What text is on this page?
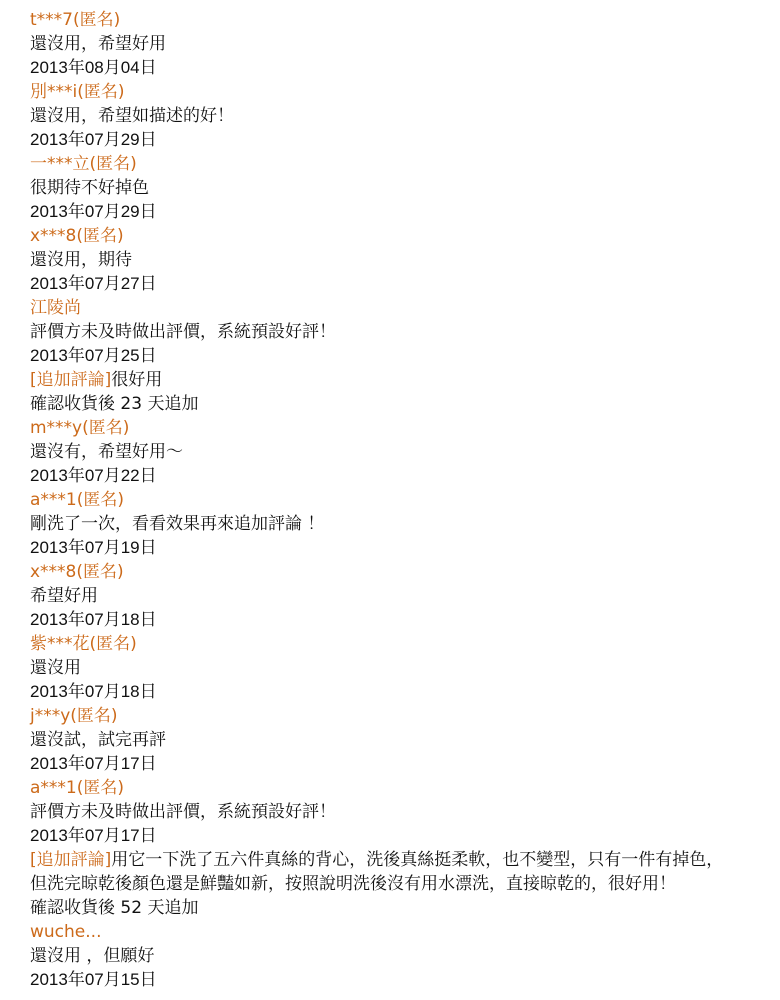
t***7(匿名)
還沒用，希望好用
2013年08月04日
別***i(匿名)
還沒用，希望如描述的好！
2013年07月29日
一***立(匿名)
很期待不好掉色
2013年07月29日
x***8(匿名)
還沒用，期待
2013年07月27日
江陵尚
評價方未及時做出評價，系統預設好評！
2013年07月25日
[追加評論]很好用
確認收貨後 23 天追加
m***y(匿名)
還沒有，希望好用～
2013年07月22日
a***1(匿名)
剛洗了一次，看看效果再來追加評論 ！
2013年07月19日
x***8(匿名)
希望好用
2013年07月18日
紫***花(匿名)
還沒用
2013年07月18日
j***y(匿名)
還沒試，試完再評
2013年07月17日
a***1(匿名)
評價方未及時做出評價，系統預設好評！
2013年07月17日
[追加評論]用它一下洗了五六件真絲的背心，洗後真絲挺柔軟，也不變型，只有一件有掉色，
但洗完晾乾後顏色還是鮮豔如新，按照說明洗後沒有用水漂洗，直接晾乾的，很好用！
確認收貨後 52 天追加
wuche...
還沒用 ，但願好
2013年07月15日
